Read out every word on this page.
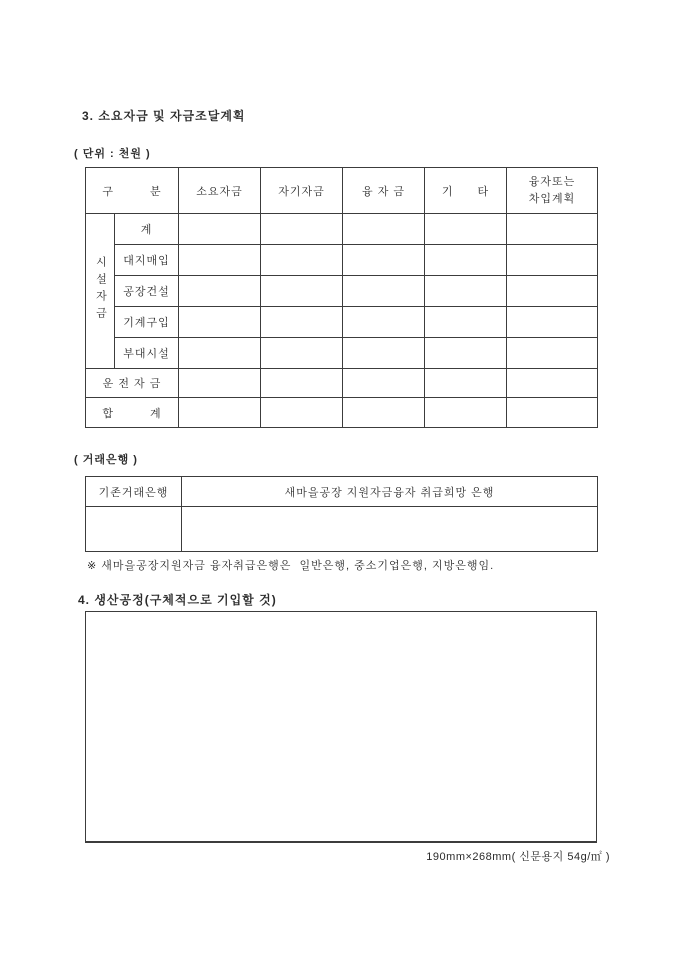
3. 소요자금 및 자금조달계획
( 단위 : 천원 )
구　　　분		소요자금	자기자금	융 자 금	기　　타	융자또는
차입계획
시설자금	계					
	대지매입					
	공장건설					
	기계구입					
	부대시설					
운 전 자 금						
합　　　계						
( 거래은행 )
기존거래은행	새마을공장 지원자금융자 취급희망 은행

※ 새마을공장지원자금 융자취급은행은  일반은행, 중소기업은행, 지방은행임.
4. 생산공정(구체적으로 기입할 것)
190mm×268mm( 신문용지 54g/㎡ )
